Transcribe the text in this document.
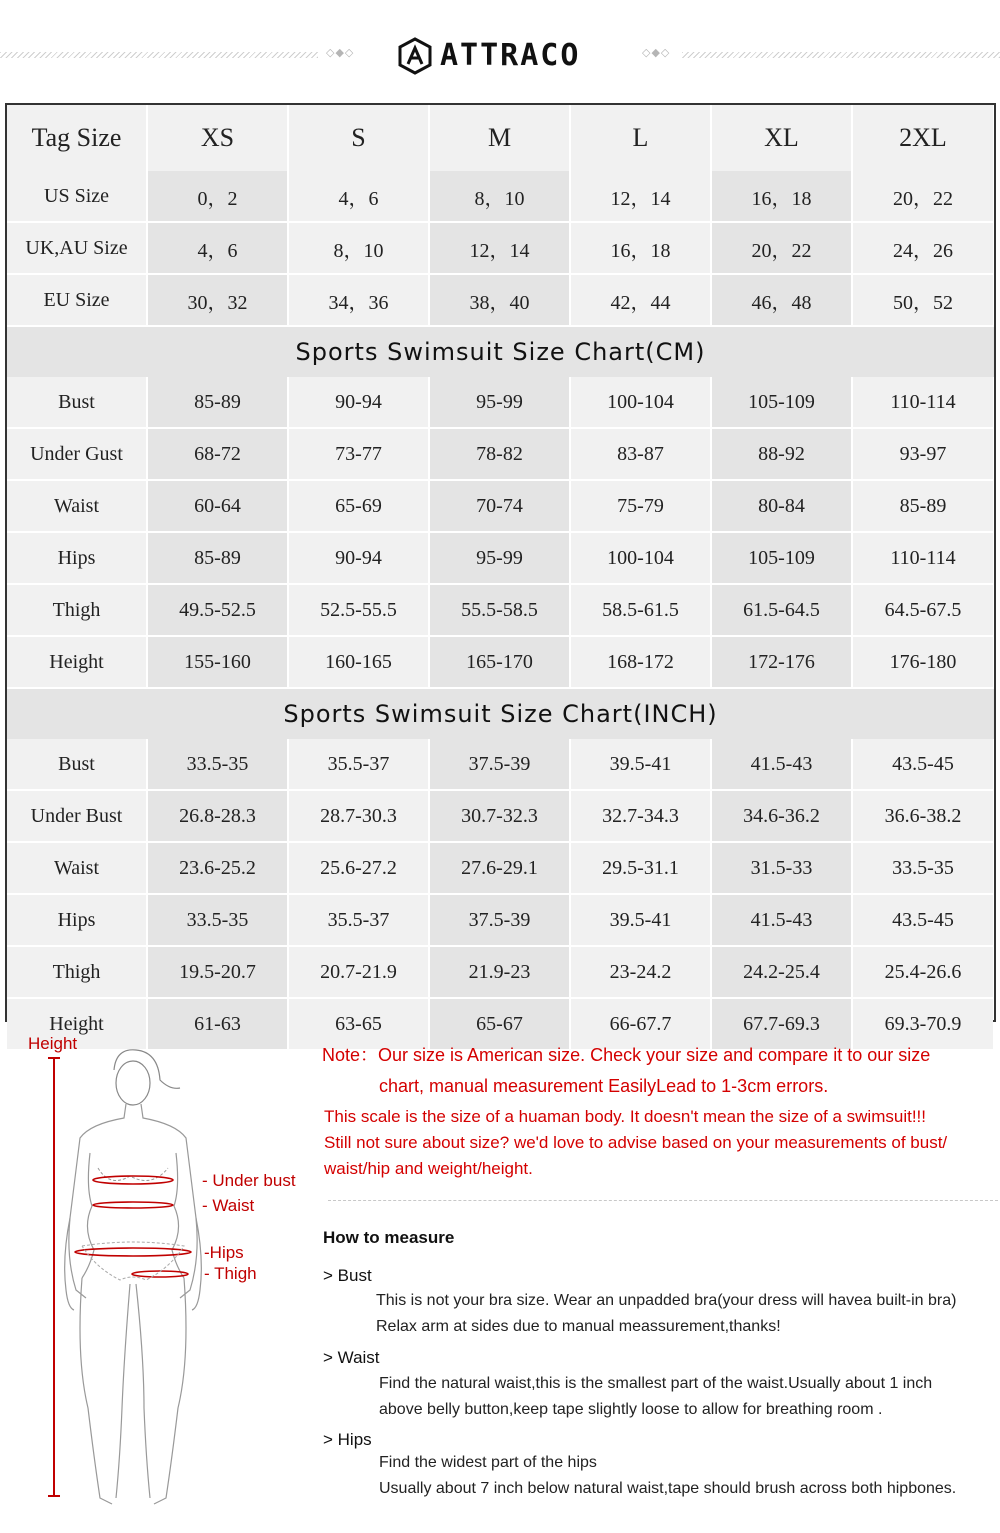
◇◆◇	ATTRACO	◇◆◇
Tag Size	XS	S	M	L	XL	2XL
US Size	0，2	4，6	8，10	12，14	16，18	20，22
UK,AU Size	4，6	8，10	12，14	16，18	20，22	24，26
EU Size	30，32	34，36	38，40	42，44	46，48	50，52
Sports Swimsuit Size Chart(CM)
Bust	85-89	90-94	95-99	100-104	105-109	110-114
Under Gust	68-72	73-77	78-82	83-87	88-92	93-97
Waist	60-64	65-69	70-74	75-79	80-84	85-89
Hips	85-89	90-94	95-99	100-104	105-109	110-114
Thigh	49.5-52.5	52.5-55.5	55.5-58.5	58.5-61.5	61.5-64.5	64.5-67.5
Height	155-160	160-165	165-170	168-172	172-176	176-180
Sports Swimsuit Size Chart(INCH)
Bust	33.5-35	35.5-37	37.5-39	39.5-41	41.5-43	43.5-45
Under Bust	26.8-28.3	28.7-30.3	30.7-32.3	32.7-34.3	34.6-36.2	36.6-38.2
Waist	23.6-25.2	25.6-27.2	27.6-29.1	29.5-31.1	31.5-33	33.5-35
Hips	33.5-35	35.5-37	37.5-39	39.5-41	41.5-43	43.5-45
Thigh	19.5-20.7	20.7-21.9	21.9-23	23-24.2	24.2-25.4	25.4-26.6
Height	61-63	63-65	65-67	66-67.7	67.7-69.3	69.3-70.9
Height
- Under bust
- Waist
-Hips
- Thigh
Note：Our size is American size. Check your size and compare it to our size
chart, manual measurement EasilyLead to 1-3cm errors.
This scale is the size of a huaman body. It doesn't mean the size of a swimsuit!!!
Still not sure about size? we'd love to advise based on your measurements of bust/
waist/hip and weight/height.
How to measure
> Bust
This is not your bra size. Wear an unpadded bra(your dress will havea built-in bra)
Relax arm at sides due to manual meassurement,thanks!
> Waist
Find the natural waist,this is the smallest part of the waist.Usually about 1 inch
above belly button,keep tape slightly loose to allow for breathing room .
> Hips
Find the widest part of the hips
Usually about 7 inch below natural waist,tape should brush across both hipbones.
